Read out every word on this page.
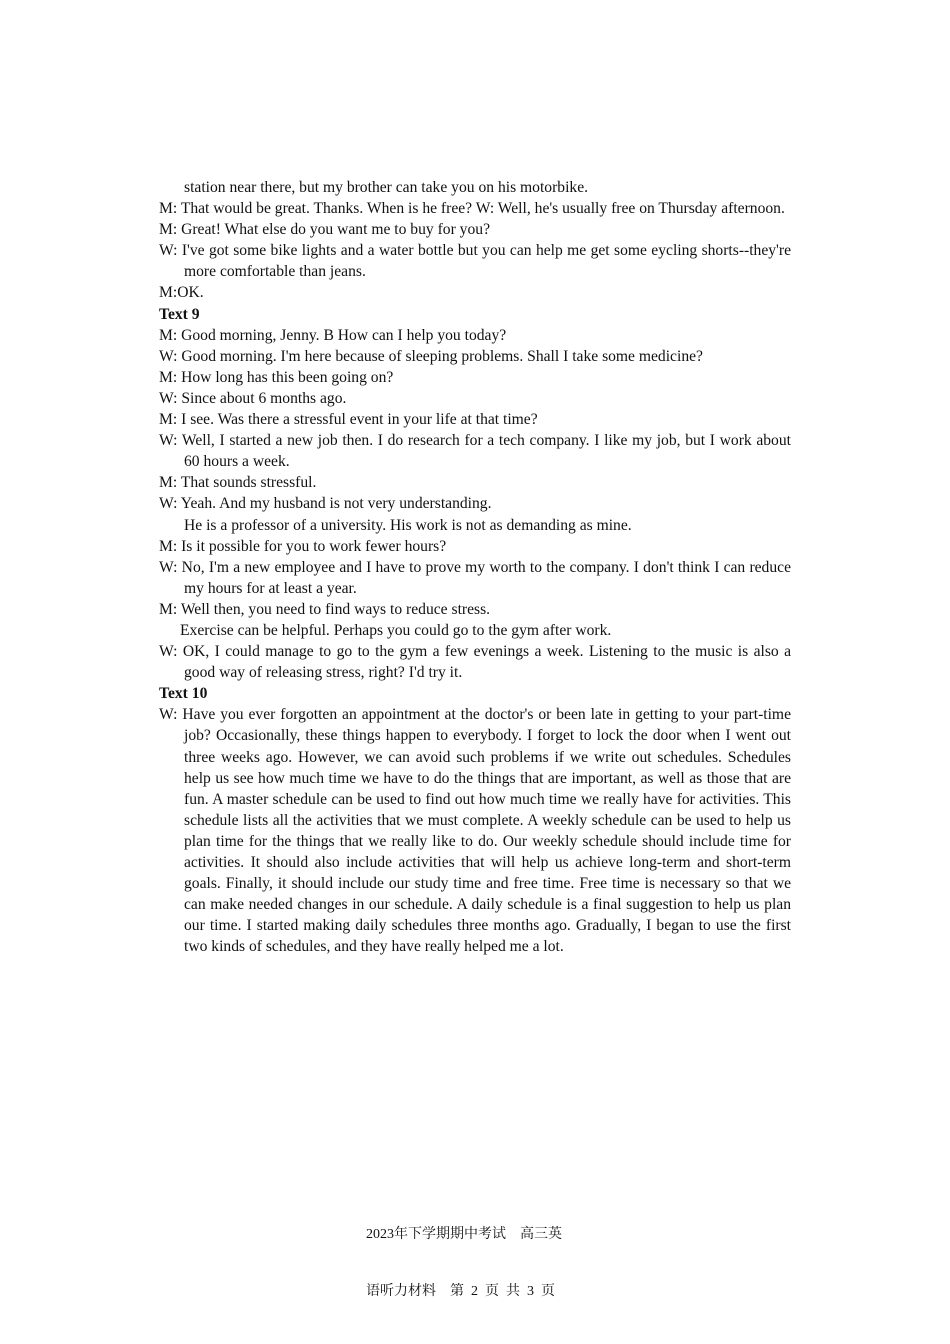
station near there, but my brother can take you on his motorbike.
M: That would be great. Thanks. When is he free? W: Well, he's usually free on Thursday afternoon.
M: Great! What else do you want me to buy for you?
W: I've got some bike lights and a water bottle but you can help me get some eycling shorts--they're more comfortable than jeans.
M:OK.
Text 9
M: Good morning, Jenny. B How can I help you today?
W: Good morning. I'm here because of sleeping problems. Shall I take some medicine?
M: How long has this been going on?
W: Since about 6 months ago.
M: I see. Was there a stressful event in your life at that time?
W: Well, I started a new job then. I do research for a tech company. I like my job, but I work about 60 hours a week.
M: That sounds stressful.
W: Yeah. And my husband is not very understanding.
He is a professor of a university. His work is not as demanding as mine.
M: Is it possible for you to work fewer hours?
W: No, I'm a new employee and I have to prove my worth to the company. I don't think I can reduce my hours for at least a year.
M: Well then, you need to find ways to reduce stress.
Exercise can be helpful. Perhaps you could go to the gym after work.
W: OK, I could manage to go to the gym a few evenings a week. Listening to the music is also a good way of releasing stress, right? I'd try it.
Text 10
W: Have you ever forgotten an appointment at the doctor's or been late in getting to your part-time job? Occasionally, these things happen to everybody. I forget to lock the door when I went out three weeks ago. However, we can avoid such problems if we write out schedules. Schedules help us see how much time we have to do the things that are important, as well as those that are fun. A master schedule can be used to find out how much time we really have for activities. This schedule lists all the activities that we must complete. A weekly schedule can be used to help us plan time for the things that we really like to do. Our weekly schedule should include time for activities. It should also include activities that will help us achieve long-term and short-term goals. Finally, it should include our study time and free time. Free time is necessary so that we can make needed changes in our schedule. A daily schedule is a final suggestion to help us plan our time. I started making daily schedules three months ago. Gradually, I began to use the first two kinds of schedules, and they have really helped me a lot.

2023年下学期期中考试    高三英

语听力材料    第  2  页  共  3  页
